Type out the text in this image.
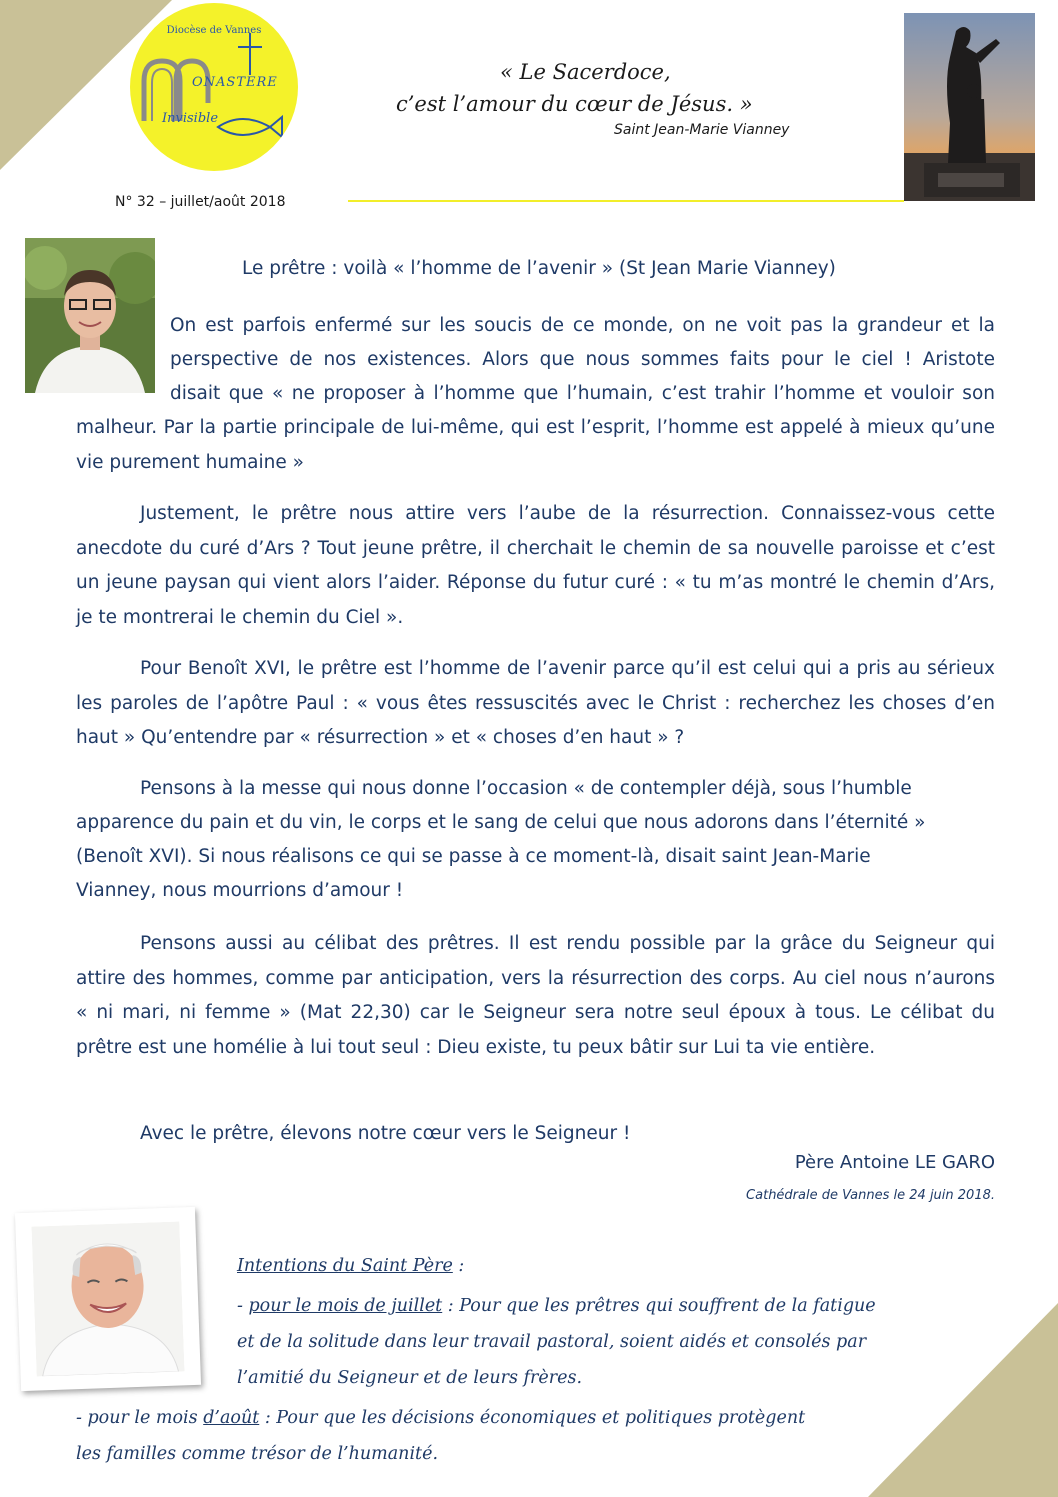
Diocèse de Vannes
ONASTERE
Invisible
« Le Sacerdoce,
c’est l’amour du cœur de Jésus. »
Saint Jean-Marie Vianney
N° 32 – juillet/août 2018
Le prêtre : voilà « l’homme de l’avenir » (St Jean Marie Vianney)
On est parfois enfermé sur les soucis de ce monde, on ne voit pas la grandeur et la
perspective de nos existences. Alors que nous sommes faits pour le ciel ! Aristote
disait que « ne proposer à l’homme que l’humain, c’est trahir l’homme et vouloir son
malheur. Par la partie principale de lui-même, qui est l’esprit, l’homme est appelé à mieux qu’une vie purement humaine »
Justement, le prêtre nous attire vers l’aube de la résurrection. Connaissez-vous cette anecdote du curé d’Ars ? Tout jeune prêtre, il cherchait le chemin de sa nouvelle paroisse et c’est un jeune paysan qui vient alors l’aider. Réponse du futur curé : « tu m’as montré le chemin d’Ars, je te montrerai le chemin du Ciel ».
Pour Benoît XVI, le prêtre est l’homme de l’avenir parce qu’il est celui qui a pris au sérieux les paroles de l’apôtre Paul : « vous êtes ressuscités avec le Christ : recherchez les choses d’en haut » Qu’entendre par « résurrection » et « choses d’en haut » ?
Pensons à la messe qui nous donne l’occasion « de contempler déjà, sous l’humble
apparence du pain et du vin, le corps et le sang de celui que nous adorons dans l’éternité »
(Benoît XVI). Si nous réalisons ce qui se passe à ce moment-là, disait saint Jean-Marie
Vianney, nous mourrions d’amour !
Pensons aussi au célibat des prêtres. Il est rendu possible par la grâce du Seigneur qui attire des hommes, comme par anticipation, vers la résurrection des corps. Au ciel nous n’aurons « ni mari, ni femme » (Mat 22,30) car le Seigneur sera notre seul époux à tous. Le célibat du prêtre est une homélie à lui tout seul : Dieu existe, tu peux bâtir sur Lui ta vie entière.
Avec le prêtre, élevons notre cœur vers le Seigneur !
Père Antoine LE GARO
Cathédrale de Vannes le 24 juin 2018.
Intentions du Saint Père :
- pour le mois de juillet : Pour que les prêtres qui souffrent de la fatigue
et de la solitude dans leur travail pastoral, soient aidés et consolés par
l’amitié du Seigneur et de leurs frères.
- pour le mois d’août : Pour que les décisions économiques et politiques protègent
les familles comme trésor de l’humanité.
